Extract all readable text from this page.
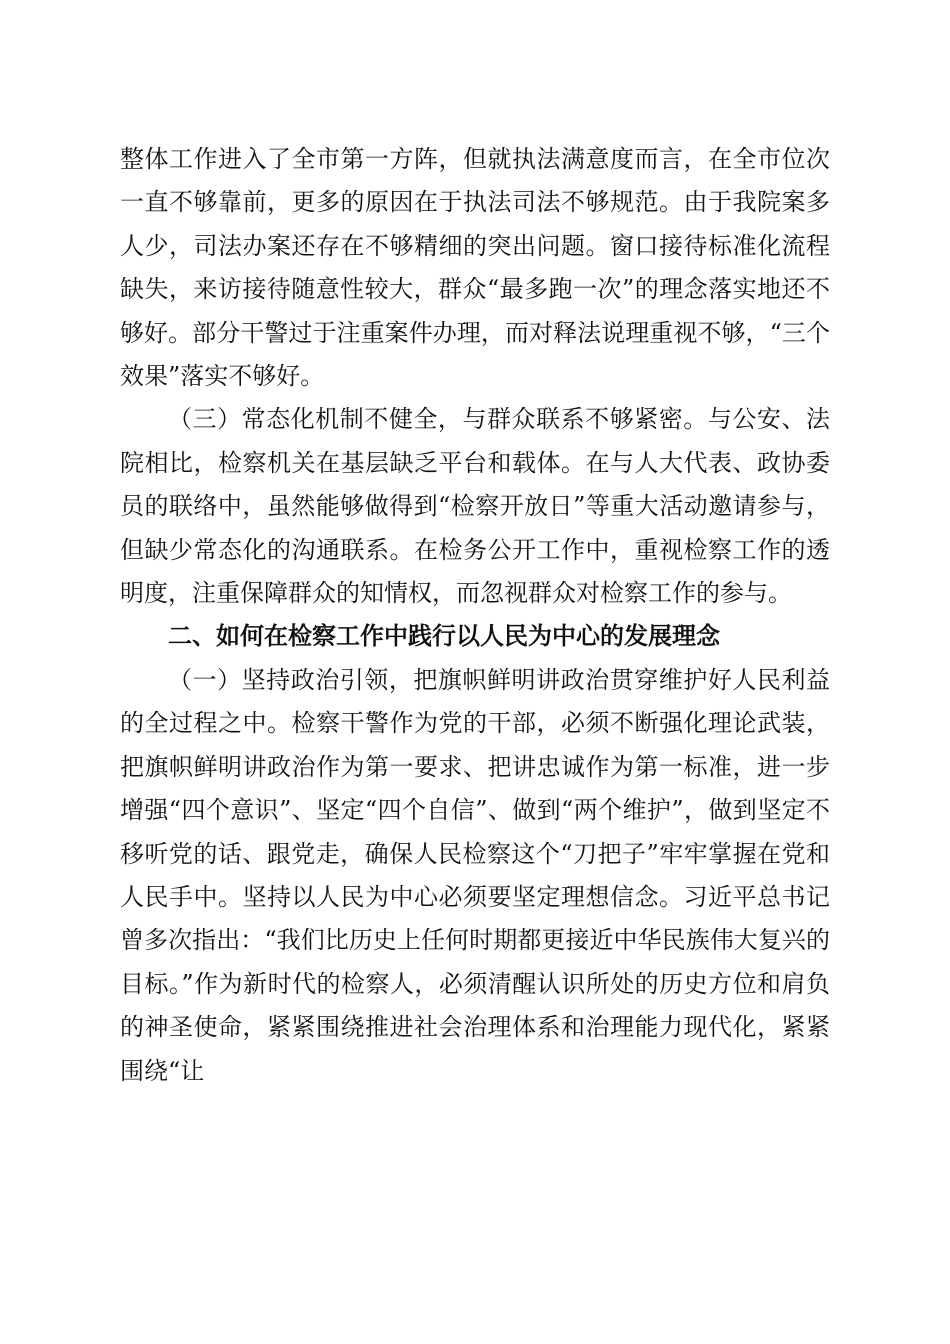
整体工作进入了全市第一方阵，但就执法满意度而言，在全市位次一直不够靠前，更多的原因在于执法司法不够规范。由于我院案多人少，司法办案还存在不够精细的突出问题。窗口接待标准化流程缺失，来访接待随意性较大，群众“最多跑一次”的理念落实地还不够好。部分干警过于注重案件办理，而对释法说理重视不够，“三个效果”落实不够好。

（三）常态化机制不健全，与群众联系不够紧密。与公安、法院相比，检察机关在基层缺乏平台和载体。在与人大代表、政协委员的联络中，虽然能够做得到“检察开放日”等重大活动邀请参与，但缺少常态化的沟通联系。在检务公开工作中，重视检察工作的透明度，注重保障群众的知情权，而忽视群众对检察工作的参与。

二、如何在检察工作中践行以人民为中心的发展理念

（一）坚持政治引领，把旗帜鲜明讲政治贯穿维护好人民利益的全过程之中。检察干警作为党的干部，必须不断强化理论武装，把旗帜鲜明讲政治作为第一要求、把讲忠诚作为第一标准，进一步增强“四个意识”、坚定“四个自信”、做到“两个维护”，做到坚定不移听党的话、跟党走，确保人民检察这个“刀把子”牢牢掌握在党和人民手中。坚持以人民为中心必须要坚定理想信念。习近平总书记曾多次指出：“我们比历史上任何时期都更接近中华民族伟大复兴的目标。”作为新时代的检察人，必须清醒认识所处的历史方位和肩负的神圣使命，紧紧围绕推进社会治理体系和治理能力现代化，紧紧围绕“让
